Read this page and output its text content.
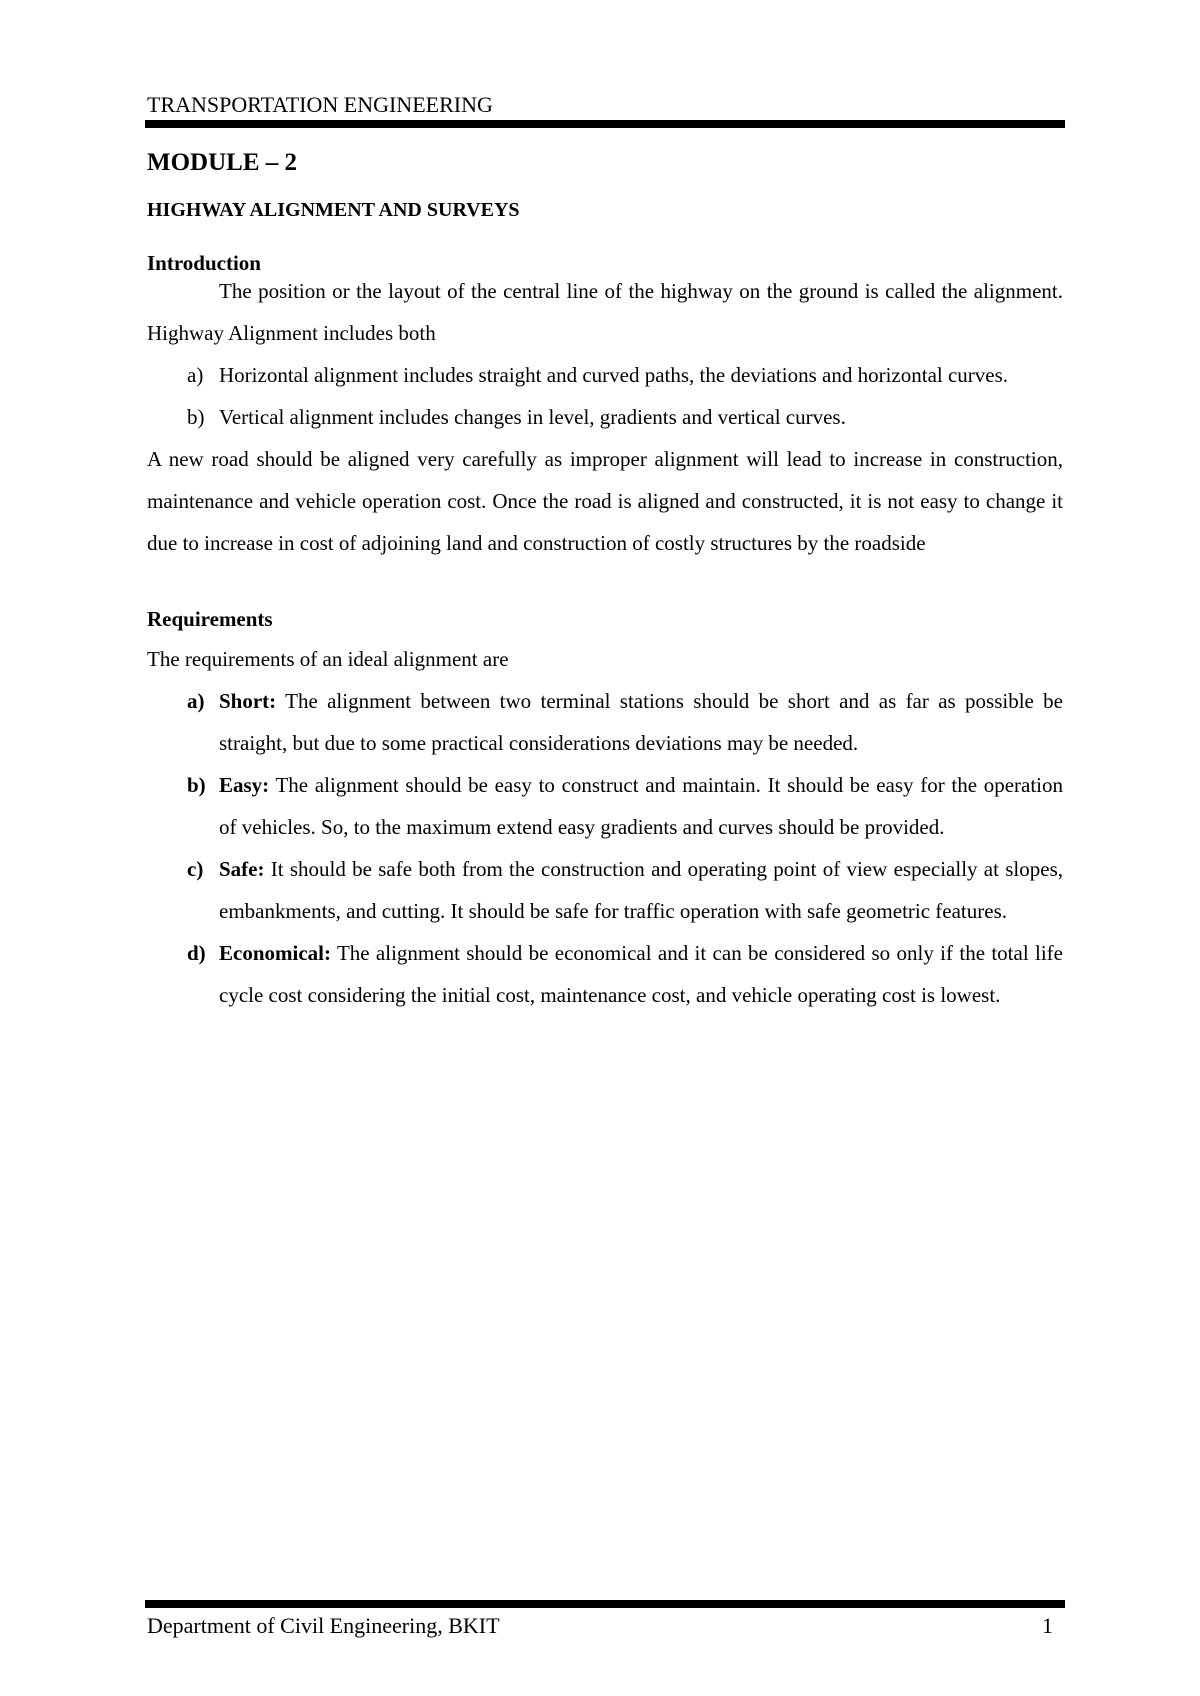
TRANSPORTATION ENGINEERING
MODULE – 2
HIGHWAY ALIGNMENT AND SURVEYS
Introduction

The position or the layout of the central line of the highway on the ground is called the alignment. Highway Alignment includes both

a) Horizontal alignment includes straight and curved paths, the deviations and horizontal curves.
b) Vertical alignment includes changes in level, gradients and vertical curves.

A new road should be aligned very carefully as improper alignment will lead to increase in construction, maintenance and vehicle operation cost. Once the road is aligned and constructed, it is not easy to change it due to increase in cost of adjoining land and construction of costly structures by the roadside

Requirements

The requirements of an ideal alignment are

a) Short: The alignment between two terminal stations should be short and as far as possible be straight, but due to some practical considerations deviations may be needed.
b) Easy: The alignment should be easy to construct and maintain. It should be easy for the operation of vehicles. So, to the maximum extend easy gradients and curves should be provided.
c) Safe: It should be safe both from the construction and operating point of view especially at slopes, embankments, and cutting. It should be safe for traffic operation with safe geometric features.
d) Economical: The alignment should be economical and it can be considered so only if the total life cycle cost considering the initial cost, maintenance cost, and vehicle operating cost is lowest.
Department of Civil Engineering, BKIT	1
